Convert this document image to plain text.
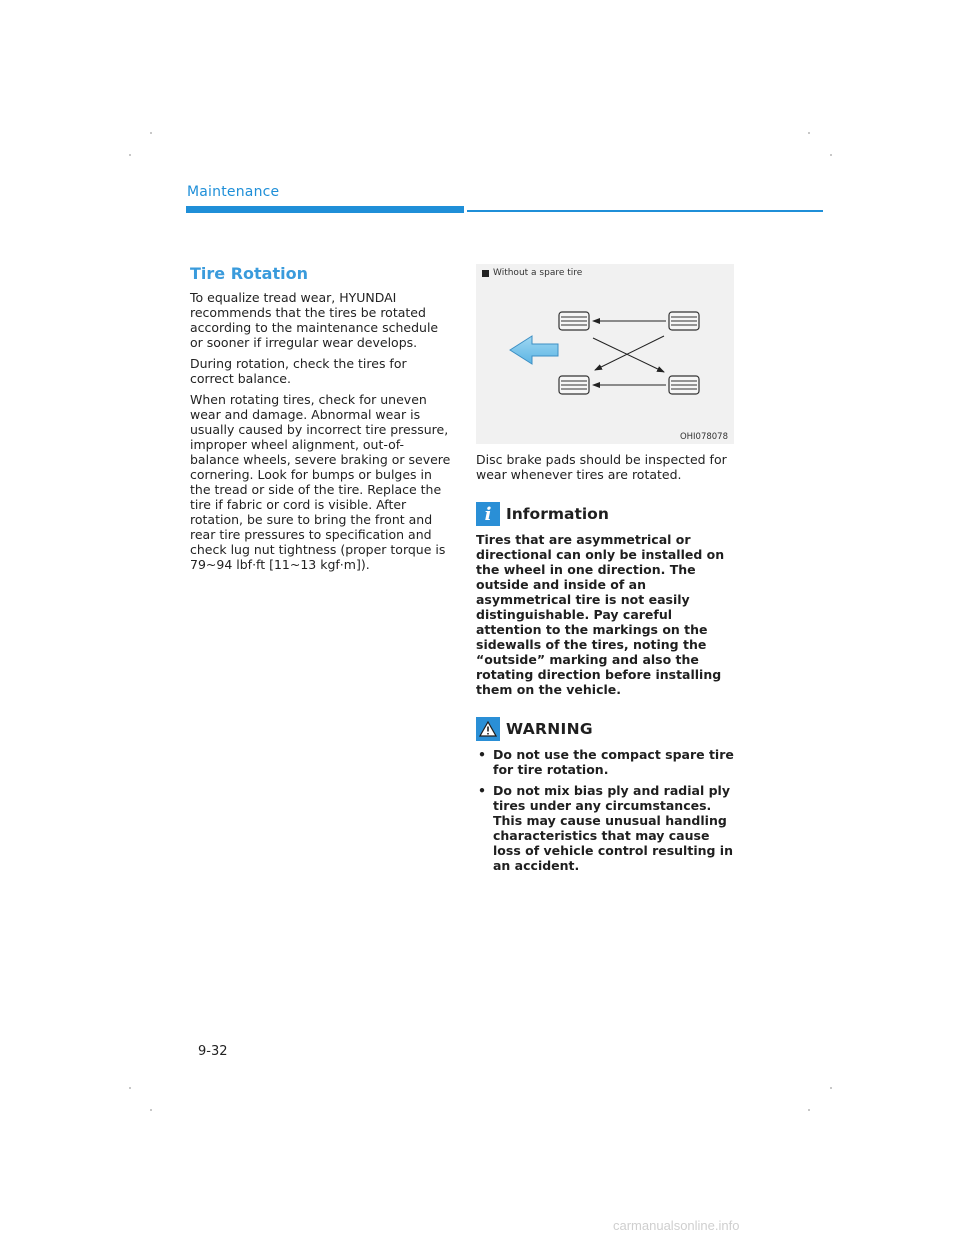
Maintenance
Tire Rotation

To equalize tread wear, HYUNDAI recommends that the tires be rotated according to the maintenance schedule or sooner if irregular wear develops.

During rotation, check the tires for correct balance.

When rotating tires, check for uneven wear and damage. Abnormal wear is usually caused by incorrect tire pressure, improper wheel alignment, out-of-balance wheels, severe braking or severe cornering. Look for bumps or bulges in the tread or side of the tire. Replace the tire if fabric or cord is visible. After rotation, be sure to bring the front and rear tire pressures to specification and check lug nut tightness (proper torque is 79~94 lbf·ft [11~13 kgf·m]).

Without a spare tire
OHI078078

Disc brake pads should be inspected for wear whenever tires are rotated.

i Information

Tires that are asymmetrical or directional can only be installed on the wheel in one direction. The outside and inside of an asymmetrical tire is not easily distinguishable. Pay careful attention to the markings on the sidewalls of the tires, noting the “outside” marking and also the rotating direction before installing them on the vehicle.

WARNING
• Do not use the compact spare tire for tire rotation.
• Do not mix bias ply and radial ply tires under any circumstances. This may cause unusual handling characteristics that may cause loss of vehicle control resulting in an accident.
9-32
carmanualsonline.info
